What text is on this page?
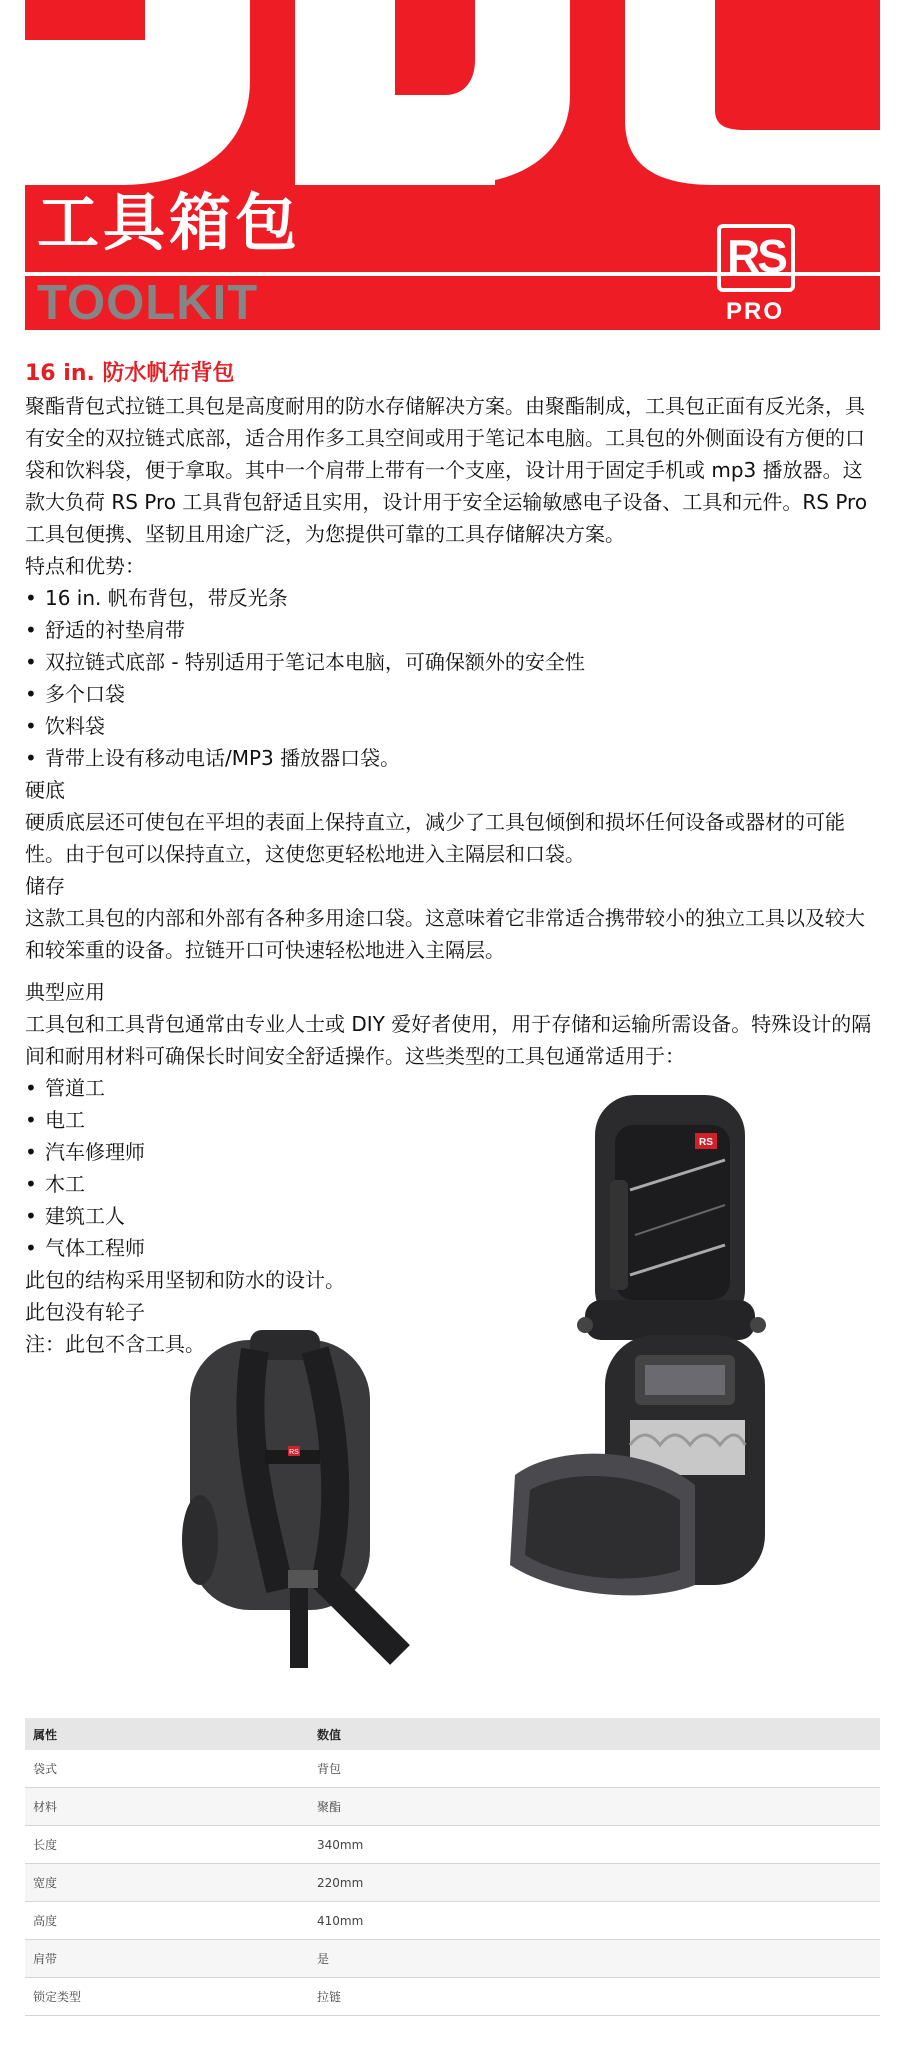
工具箱包
TOOLKIT
RS
PRO
16 in. 防水帆布背包

聚酯背包式拉链工具包是高度耐用的防水存储解决方案。由聚酯制成，工具包正面有反光条，具有安全的双拉链式底部，适合用作多工具空间或用于笔记本电脑。工具包的外侧面设有方便的口袋和饮料袋，便于拿取。其中一个肩带上带有一个支座，设计用于固定手机或 mp3 播放器。这款大负荷 RS Pro 工具背包舒适且实用，设计用于安全运输敏感电子设备、工具和元件。RS Pro 工具包便携、坚韧且用途广泛，为您提供可靠的工具存储解决方案。

特点和优势：
• 16 in. 帆布背包，带反光条
• 舒适的衬垫肩带
• 双拉链式底部 - 特别适用于笔记本电脑，可确保额外的安全性
• 多个口袋
• 饮料袋
• 背带上设有移动电话/MP3 播放器口袋。
硬底

硬质底层还可使包在平坦的表面上保持直立，减少了工具包倾倒和损坏任何设备或器材的可能性。由于包可以保持直立，这使您更轻松地进入主隔层和口袋。

储存

这款工具包的内部和外部有各种多用途口袋。这意味着它非常适合携带较小的独立工具以及较大和较笨重的设备。拉链开口可快速轻松地进入主隔层。

典型应用

工具包和工具背包通常由专业人士或 DIY 爱好者使用，用于存储和运输所需设备。特殊设计的隔间和耐用材料可确保长时间安全舒适操作。这些类型的工具包通常适用于：

• 管道工
• 电工
• 汽车修理师
• 木工
• 建筑工人
• 气体工程师
此包的结构采用坚韧和防水的设计。
此包没有轮子
注：此包不含工具。
RS
RS
属性	数值
袋式	背包
材料	聚酯
长度	340mm
宽度	220mm
高度	410mm
肩带	是
锁定类型	拉链
